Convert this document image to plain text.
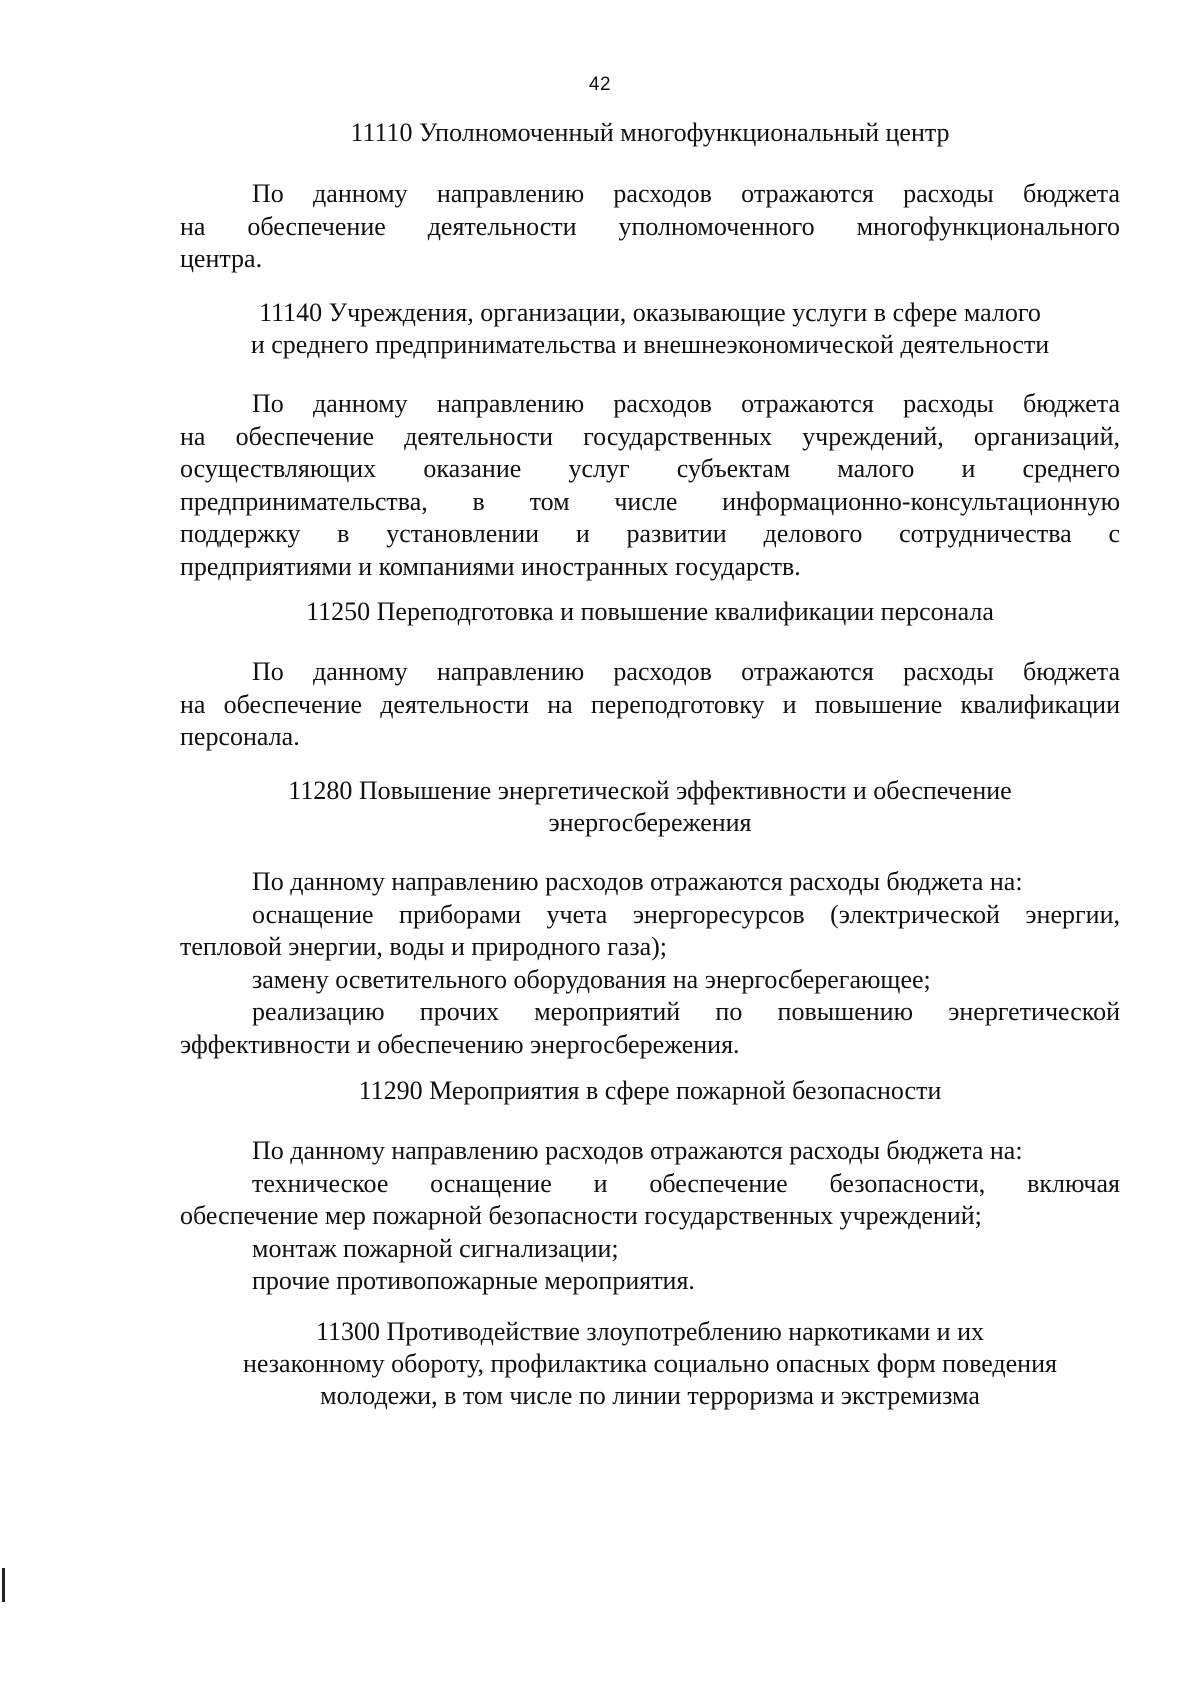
42
11110 Уполномоченный многофункциональный центр
По данному направлению расходов отражаются расходы бюджета
на обеспечение деятельности уполномоченного многофункционального
центра.
11140 Учреждения, организации, оказывающие услуги в сфере малого
и среднего предпринимательства и внешнеэкономической деятельности
По данному направлению расходов отражаются расходы бюджета
на обеспечение деятельности государственных учреждений, организаций,
осуществляющих оказание услуг субъектам малого и среднего
предпринимательства, в том числе информационно-консультационную
поддержку в установлении и развитии делового сотрудничества с
предприятиями и компаниями иностранных государств.
11250 Переподготовка и повышение квалификации персонала
По данному направлению расходов отражаются расходы бюджета
на обеспечение деятельности на переподготовку и повышение квалификации
персонала.
11280 Повышение энергетической эффективности и обеспечение
энергосбережения
По данному направлению расходов отражаются расходы бюджета на:
оснащение приборами учета энергоресурсов (электрической энергии,
тепловой энергии, воды и природного газа);
замену осветительного оборудования на энергосберегающее;
реализацию прочих мероприятий по повышению энергетической
эффективности и обеспечению энергосбережения.
11290 Мероприятия в сфере пожарной безопасности
По данному направлению расходов отражаются расходы бюджета на:
техническое оснащение и обеспечение безопасности, включая
обеспечение мер пожарной безопасности государственных учреждений;
монтаж пожарной сигнализации;
прочие противопожарные мероприятия.
11300 Противодействие злоупотреблению наркотиками и их
незаконному обороту, профилактика социально опасных форм поведения
молодежи, в том числе по линии терроризма и экстремизма
